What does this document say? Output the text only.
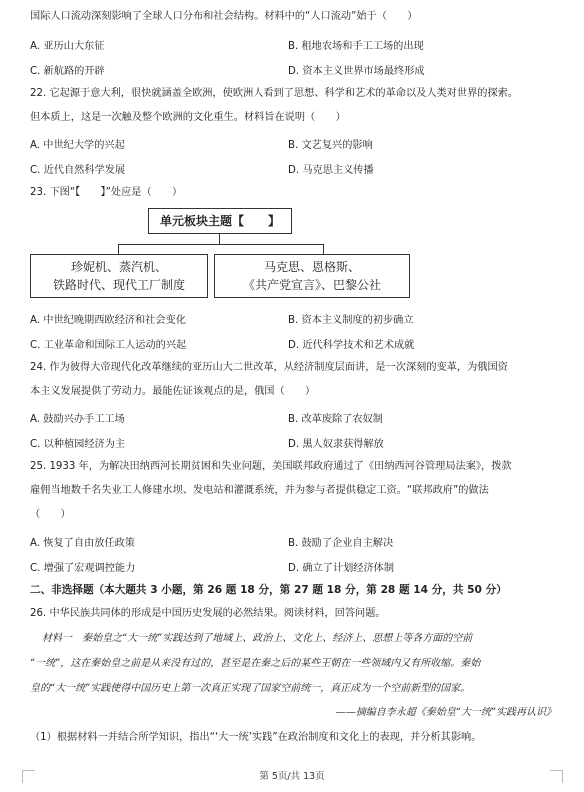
国际人口流动深刻影响了全球人口分布和社会结构。材料中的“人口流动”始于（　　）
A. 亚历山大东征	B. 租地农场和手工工场的出现
C. 新航路的开辟	D. 资本主义世界市场最终形成
22. 它起源于意大利，很快就涵盖全欧洲，使欧洲人看到了思想、科学和艺术的革命以及人类对世界的探索。
但本质上，这是一次触及整个欧洲的文化重生。材料旨在说明（　　）
A. 中世纪大学的兴起	B. 文艺复兴的影响
C. 近代自然科学发展	D. 马克思主义传播
23. 下图“【　　】”处应是（　　）
单元板块主题【　　】
珍妮机、蒸汽机、
铁路时代、现代工厂制度
马克思、恩格斯、
《共产党宣言》、巴黎公社
A. 中世纪晚期西欧经济和社会变化	B. 资本主义制度的初步确立
C. 工业革命和国际工人运动的兴起	D. 近代科学技术和艺术成就
24. 作为彼得大帝现代化改革继续的亚历山大二世改革，从经济制度层面讲，是一次深刻的变革，为俄国资
本主义发展提供了劳动力。最能佐证该观点的是，俄国（　　）
A. 鼓励兴办手工工场	B. 改革废除了农奴制
C. 以种植园经济为主	D. 黑人奴隶获得解放
25. 1933 年，为解决田纳西河长期贫困和失业问题，美国联邦政府通过了《田纳西河谷管理局法案》，拨款
雇佣当地数千名失业工人修建水坝、发电站和灌溉系统，并为参与者提供稳定工资。“联邦政府”的做法
（　　）
A. 恢复了自由放任政策	B. 鼓励了企业自主解决
C. 增强了宏观调控能力	D. 确立了计划经济体制
二、非选择题（本大题共 3 小题，第 26 题 18 分，第 27 题 18 分，第 28 题 14 分，共 50 分）
26. 中华民族共同体的形成是中国历史发展的必然结果。阅读材料，回答问题。
材料一　秦始皇之“大一统”实践达到了地域上、政治上、文化上、经济上、思想上等各方面的空前
“一统”，这在秦始皇之前是从来没有过的，甚至是在秦之后的某些王朝在一些领域内又有所收缩。秦始
皇的“大一统”实践使得中国历史上第一次真正实现了国家空前统一，真正成为一个空前新型的国家。
——摘编自李永超《秦始皇“大一统”实践再认识》
（1）根据材料一并结合所学知识，指出“‘大一统’实践”在政治制度和文化上的表现，并分析其影响。
第 5页/共 13页
